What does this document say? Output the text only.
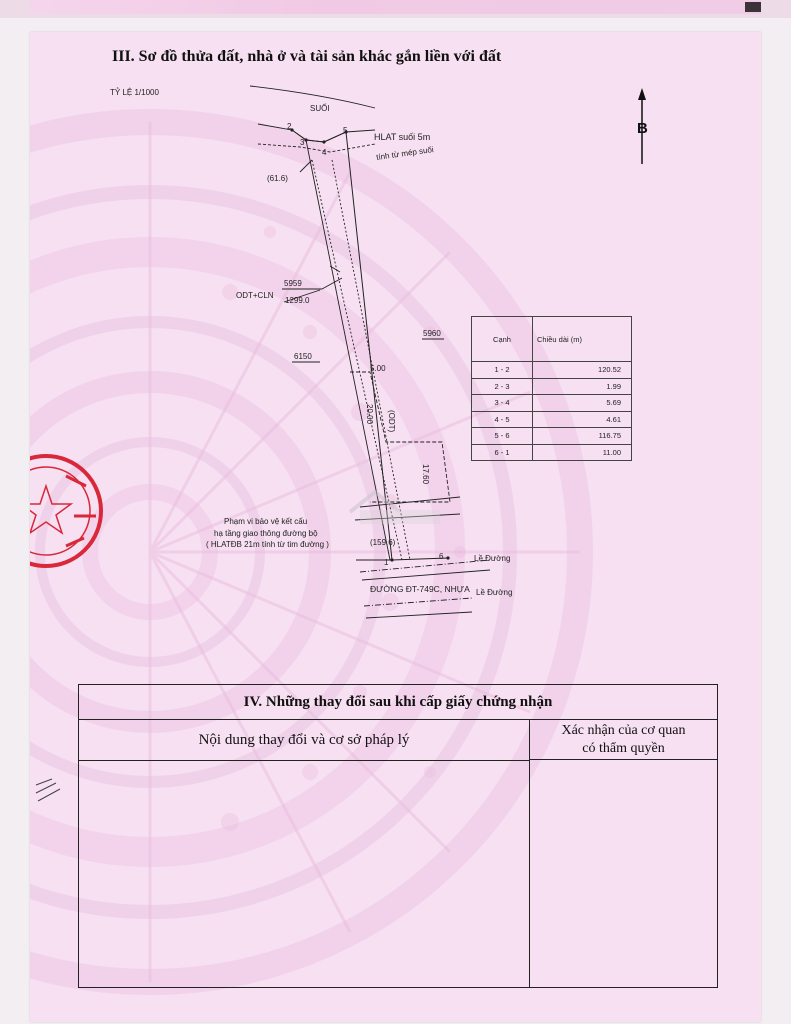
III. Sơ đồ thửa đất, nhà ở và tài sản khác gắn liền với đất
TỶ LỆ 1/1000
B
SUỐI
2
3
4
5
HLAT suối 5m
tính từ mép suối
(61.6)
5959
ODT+CLN
1299.0
6150
5960
5.00
20.00 (ODT)
17.60
Phạm vi bảo vệ kết cấu
hạ tầng giao thông đường bộ
( HLATĐB 21m tính từ tim đường )	(159.6)
1
6	Lề Đường
ĐƯỜNG ĐT-749C, NHỰA Lề Đường
Cạnh	Chiều dài (m)
1 - 2	120.52
2 - 3	1.99
3 - 4	5.69
4 - 5	4.61
5 - 6	116.75
6 - 1	11.00
IV. Những thay đổi sau khi cấp giấy chứng nhận
Nội dung thay đổi và cơ sở pháp lý
Xác nhận của cơ quan
có thẩm quyền
